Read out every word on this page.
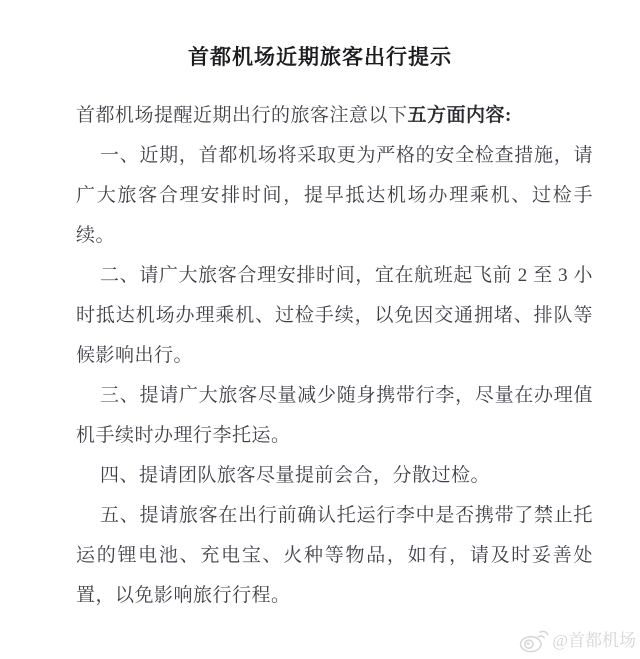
首都机场近期旅客出行提示

首都机场提醒近期出行的旅客注意以下五方面内容:

一、近期，首都机场将采取更为严格的安全检查措施，请广大旅客合理安排时间，提早抵达机场办理乘机、过检手续。

二、请广大旅客合理安排时间，宜在航班起飞前 2 至 3 小时抵达机场办理乘机、过检手续，以免因交通拥堵、排队等候影响出行。

三、提请广大旅客尽量减少随身携带行李，尽量在办理值机手续时办理行李托运。

四、提请团队旅客尽量提前会合，分散过检。

五、提请旅客在出行前确认托运行李中是否携带了禁止托运的锂电池、充电宝、火种等物品，如有，请及时妥善处置，以免影响旅行行程。

@首都机场
